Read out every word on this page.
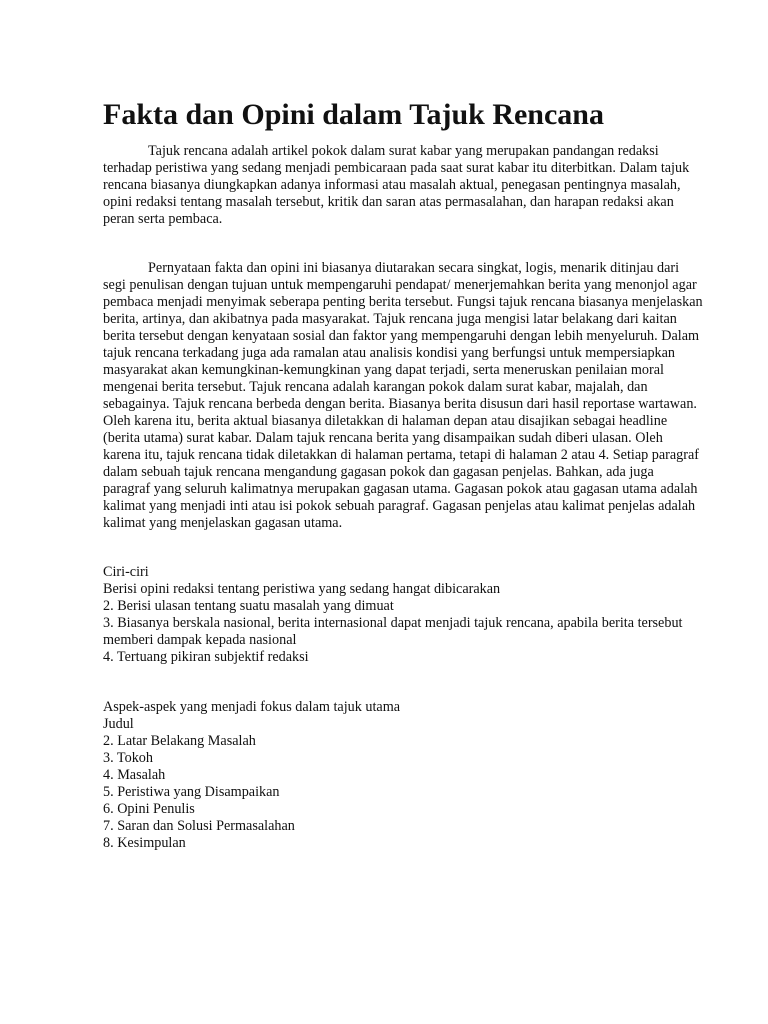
Fakta dan Opini dalam Tajuk Rencana

Tajuk rencana adalah artikel pokok dalam surat kabar yang merupakan pandangan redaksi terhadap peristiwa yang sedang menjadi pembicaraan pada saat surat kabar itu diterbitkan. Dalam tajuk rencana biasanya diungkapkan adanya informasi atau masalah aktual, penegasan pentingnya masalah, opini redaksi tentang masalah tersebut, kritik dan saran atas permasalahan, dan harapan redaksi akan peran serta pembaca.

Pernyataan fakta dan opini ini biasanya diutarakan secara singkat, logis, menarik ditinjau dari segi penulisan dengan tujuan untuk mempengaruhi pendapat/ menerjemahkan berita yang menonjol agar pembaca menjadi menyimak seberapa penting berita tersebut. Fungsi tajuk rencana biasanya menjelaskan berita, artinya, dan akibatnya pada masyarakat. Tajuk rencana juga mengisi latar belakang dari kaitan berita tersebut dengan kenyataan sosial dan faktor yang mempengaruhi dengan lebih menyeluruh. Dalam tajuk rencana terkadang juga ada ramalan atau analisis kondisi yang berfungsi untuk mempersiapkan masyarakat akan kemungkinan-kemungkinan yang dapat terjadi, serta meneruskan penilaian moral mengenai berita tersebut. Tajuk rencana adalah karangan pokok dalam surat kabar, majalah, dan sebagainya. Tajuk rencana berbeda dengan berita. Biasanya berita disusun dari hasil reportase wartawan. Oleh karena itu, berita aktual biasanya diletakkan di halaman depan atau disajikan sebagai headline (berita utama) surat kabar. Dalam tajuk rencana berita yang disampaikan sudah diberi ulasan. Oleh karena itu, tajuk rencana tidak diletakkan di halaman pertama, tetapi di halaman 2 atau 4. Setiap paragraf dalam sebuah tajuk rencana mengandung gagasan pokok dan gagasan penjelas. Bahkan, ada juga paragraf yang seluruh kalimatnya merupakan gagasan utama. Gagasan pokok atau gagasan utama adalah kalimat yang menjadi inti atau isi pokok sebuah paragraf. Gagasan penjelas atau kalimat penjelas adalah kalimat yang menjelaskan gagasan utama.

Ciri-ciri

Berisi opini redaksi tentang peristiwa yang sedang hangat dibicarakan
2. Berisi ulasan tentang suatu masalah yang dimuat
3. Biasanya berskala nasional, berita internasional dapat menjadi tajuk rencana, apabila berita tersebut memberi dampak kepada nasional
4. Tertuang pikiran subjektif redaksi

Aspek-aspek yang menjadi fokus dalam tajuk utama

Judul
2. Latar Belakang Masalah
3. Tokoh
4. Masalah
5. Peristiwa yang Disampaikan
6. Opini Penulis
7. Saran dan Solusi Permasalahan
8. Kesimpulan
